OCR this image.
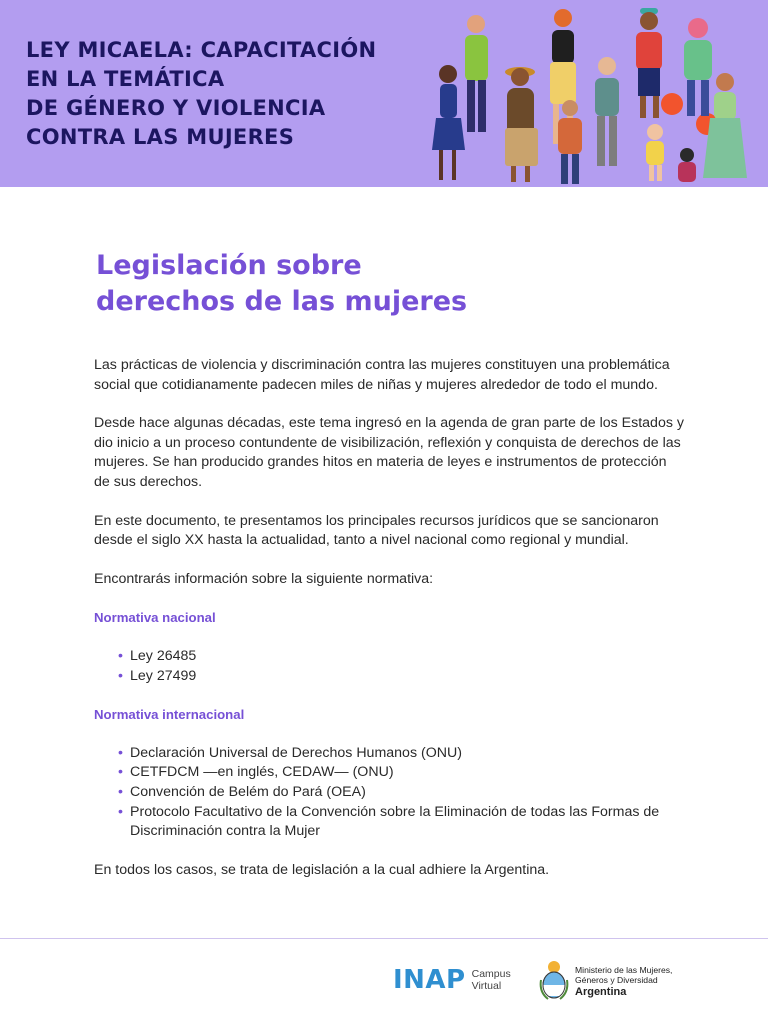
LEY MICAELA: CAPACITACIÓN
EN LA TEMÁTICA
DE GÉNERO Y VIOLENCIA
CONTRA LAS MUJERES
Legislación sobre
derechos de las mujeres

Las prácticas de violencia y discriminación contra las mujeres constituyen una problemática social que cotidianamente padecen miles de niñas y mujeres alrededor de todo el mundo.

Desde hace algunas décadas, este tema ingresó en la agenda de gran parte de los Estados y dio inicio a un proceso contundente de visibilización, reflexión y conquista de derechos de las mujeres. Se han producido grandes hitos en materia de leyes e instrumentos de protección de sus derechos.

En este documento, te presentamos los principales recursos jurídicos que se sancionaron desde el siglo XX hasta la actualidad, tanto a nivel nacional como regional y mundial.

Encontrarás información sobre la siguiente normativa:

Normativa nacional
• Ley 26485
• Ley 27499
Normativa internacional
• Declaración Universal de Derechos Humanos (ONU)
• CETFDCM —en inglés, CEDAW— (ONU)
• Convención de Belém do Pará (OEA)
• Protocolo Facultativo de la Convención sobre la Eliminación de todas las Formas de Discriminación contra la Mujer

En todos los casos, se trata de legislación a la cual adhiere la Argentina.

INAP Campus
Virtual
Ministerio de las Mujeres,
Géneros y Diversidad
Argentina
